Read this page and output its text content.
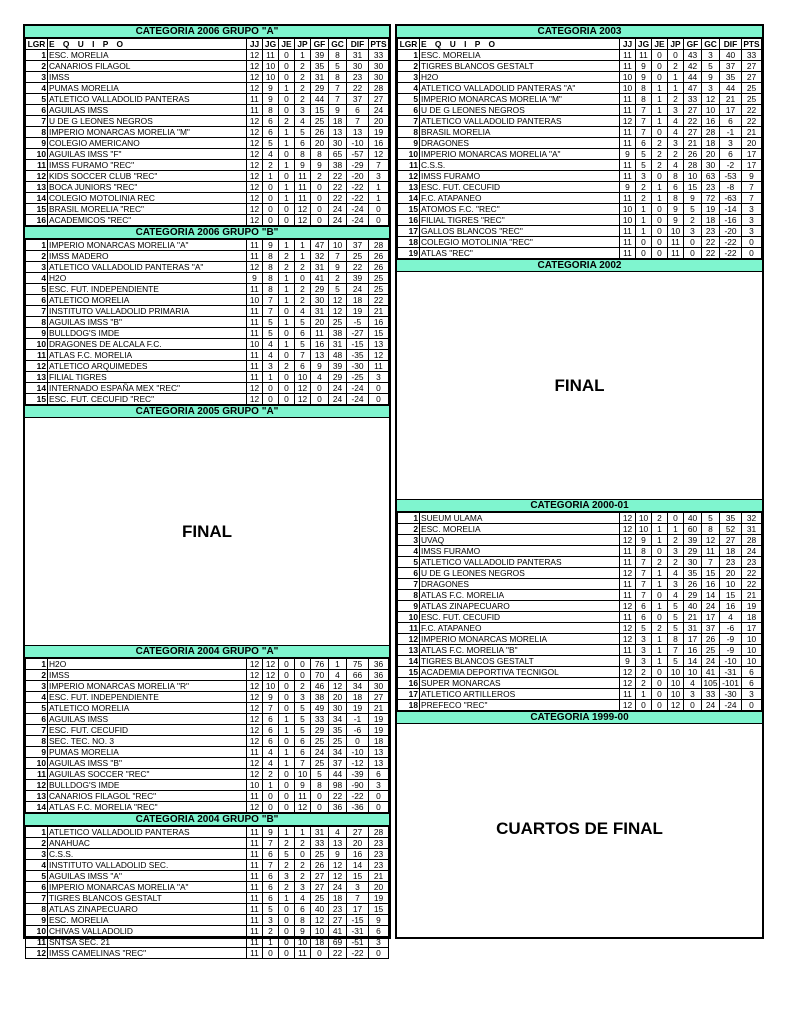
CATEGORIA 2006 GRUPO "A"
LGR	E Q U I P O	JJ	JG	JE	JP	GF	GC	DIF	PTS
1	ESC. MORELIA	12	11	0	1	39	8	31	33
2	CANARIOS FILAGOL	12	10	0	2	35	5	30	30
3	IMSS	12	10	0	2	31	8	23	30
4	PUMAS MORELIA	12	9	1	2	29	7	22	28
5	ATLETICO VALLADOLID PANTERAS	11	9	0	2	44	7	37	27
6	AGUILAS IMSS	11	8	0	3	15	9	6	24
7	U DE G LEONES NEGROS	12	6	2	4	25	18	7	20
8	IMPERIO MONARCAS MORELIA "M"	12	6	1	5	26	13	13	19
9	COLEGIO AMERICANO	12	5	1	6	20	30	-10	16
10	AGUILAS IMSS "F"	12	4	0	8	8	65	-57	12
11	IMSS FURAMO "REC"	12	2	1	9	9	38	-29	7
12	KIDS SOCCER CLUB "REC"	12	1	0	11	2	22	-20	3
13	BOCA JUNIORS "REC"	12	0	1	11	0	22	-22	1
14	COLEGIO MOTOLINIA REC	12	0	1	11	0	22	-22	1
15	BRASIL MORELIA "REC"	12	0	0	12	0	24	-24	0
16	ACADEMICOS "REC"	12	0	0	12	0	24	-24	0
CATEGORIA 2006 GRUPO "B"
1	IMPERIO MONARCAS MORELIA "A"	11	9	1	1	47	10	37	28
2	IMSS MADERO	11	8	2	1	32	7	25	26
3	ATLETICO VALLADOLID PANTERAS "A"	12	8	2	2	31	9	22	26
4	H2O	9	8	1	0	41	2	39	25
5	ESC. FUT. INDEPENDIENTE	11	8	1	2	29	5	24	25
6	ATLETICO MORELIA	10	7	1	2	30	12	18	22
7	INSTITUTO VALLADOLID PRIMARIA	11	7	0	4	31	12	19	21
8	AGUILAS IMSS "B"	11	5	1	5	20	25	-5	16
9	BULLDOG'S IMDE	11	5	0	6	11	38	-27	15
10	DRAGONES DE ALCALA F.C.	10	4	1	5	16	31	-15	13
11	ATLAS F.C. MORELIA	11	4	0	7	13	48	-35	12
12	ATLETICO ARQUIMEDES	11	3	2	6	9	39	-30	11
13	FILIAL TIGRES	11	1	0	10	4	29	-25	3
14	INTERNADO ESPAÑA MEX "REC"	12	0	0	12	0	24	-24	0
15	ESC. FUT. CECUFID "REC"	12	0	0	12	0	24	-24	0
CATEGORIA 2005 GRUPO "A"
FINAL
CATEGORIA 2004 GRUPO "A"
1	H2O	12	12	0	0	76	1	75	36
2	IMSS	12	12	0	0	70	4	66	36
3	IMPERIO MONARCAS MORELIA "R"	12	10	0	2	46	12	34	30
4	ESC. FUT. INDEPENDIENTE	12	9	0	3	38	20	18	27
5	ATLETICO MORELIA	12	7	0	5	49	30	19	21
6	AGUILAS IMSS	12	6	1	5	33	34	-1	19
7	ESC. FUT. CECUFID	12	6	1	5	29	35	-6	19
8	SEC. TEC. NO. 3	12	6	0	6	25	25	0	18
9	PUMAS MORELIA	11	4	1	6	24	34	-10	13
10	AGUILAS IMSS "B"	12	4	1	7	25	37	-12	13
11	AGUILAS SOCCER "REC"	12	2	0	10	5	44	-39	6
12	BULLDOG'S IMDE	10	1	0	9	8	98	-90	3
13	CANARIOS FILAGOL "REC"	11	0	0	11	0	22	-22	0
14	ATLAS F.C. MORELIA "REC"	12	0	0	12	0	36	-36	0
CATEGORIA 2004 GRUPO "B"
1	ATLETICO VALLADOLID PANTERAS	11	9	1	1	31	4	27	28
2	ANAHUAC	11	7	2	2	33	13	20	23
3	C.S.S.	11	6	5	0	25	9	16	23
4	INSTITUTO VALLADOLID SEC.	11	7	2	2	26	12	14	23
5	AGUILAS IMSS "A"	11	6	3	2	27	12	15	21
6	IMPERIO MONARCAS MORELIA "A"	11	6	2	3	27	24	3	20
7	TIGRES BLANCOS GESTALT	11	6	1	4	25	18	7	19
8	ATLAS ZINAPECUARO	11	5	0	6	40	23	17	15
9	ESC. MORELIA	11	3	0	8	12	27	-15	9
10	CHIVAS VALLADOLID	11	2	0	9	10	41	-31	6
11	SNTSA SEC. 21	11	1	0	10	18	69	-51	3
12	IMSS CAMELINAS "REC"	11	0	0	11	0	22	-22	0
CATEGORIA 2003
LGR	E Q U I P O	JJ	JG	JE	JP	GF	GC	DIF	PTS
1	ESC. MORELIA	11	11	0	0	43	3	40	33
2	TIGRES BLANCOS GESTALT	11	9	0	2	42	5	37	27
3	H2O	10	9	0	1	44	9	35	27
4	ATLETICO VALLADOLID PANTERAS "A"	10	8	1	1	47	3	44	25
5	IMPERIO MONARCAS MORELIA "M"	11	8	1	2	33	12	21	25
6	U DE G LEONES NEGROS	11	7	1	3	27	10	17	22
7	ATLETICO VALLADOLID PANTERAS	12	7	1	4	22	16	6	22
8	BRASIL MORELIA	11	7	0	4	27	28	-1	21
9	DRAGONES	11	6	2	3	21	18	3	20
10	IMPERIO MONARCAS MORELIA "A"	9	5	2	2	26	20	6	17
11	C.S.S.	11	5	2	4	28	30	-2	17
12	IMSS FURAMO	11	3	0	8	10	63	-53	9
13	ESC. FUT. CECUFID	9	2	1	6	15	23	-8	7
14	F.C. ATAPANEO	11	2	1	8	9	72	-63	7
15	ATOMOS F.C. "REC"	10	1	0	9	5	19	-14	3
16	FILIAL TIGRES "REC"	10	1	0	9	2	18	-16	3
17	GALLOS BLANCOS "REC"	11	1	0	10	3	23	-20	3
18	COLEGIO MOTOLINIA "REC"	11	0	0	11	0	22	-22	0
19	ATLAS "REC"	11	0	0	11	0	22	-22	0
CATEGORIA 2002
FINAL
CATEGORIA 2000-01
1	SUEUM ULAMA	12	10	2	0	40	5	35	32
2	ESC. MORELIA	12	10	1	1	60	8	52	31
3	UVAQ	12	9	1	2	39	12	27	28
4	IMSS FURAMO	11	8	0	3	29	11	18	24
5	ATLETICO VALLADOLID PANTERAS	11	7	2	2	30	7	23	23
6	U DE G LEONES NEGROS	12	7	1	4	35	15	20	22
7	DRAGONES	11	7	1	3	26	16	10	22
8	ATLAS F.C. MORELIA	11	7	0	4	29	14	15	21
9	ATLAS ZINAPECUARO	12	6	1	5	40	24	16	19
10	ESC. FUT. CECUFID	11	6	0	5	21	17	4	18
11	F.C. ATAPANEO	12	5	2	5	31	37	-6	17
12	IMPERIO MONARCAS MORELIA	12	3	1	8	17	26	-9	10
13	ATLAS F.C. MORELIA "B"	11	3	1	7	16	25	-9	10
14	TIGRES BLANCOS GESTALT	9	3	1	5	14	24	-10	10
15	ACADEMIA DEPORTIVA TECNIGOL	12	2	0	10	10	41	-31	6
16	SUPER MONARCAS	12	2	0	10	4	105	-101	6
17	ATLETICO ARTILLEROS	11	1	0	10	3	33	-30	3
18	PREFECO "REC"	12	0	0	12	0	24	-24	0
CATEGORIA 1999-00
CUARTOS DE FINAL
